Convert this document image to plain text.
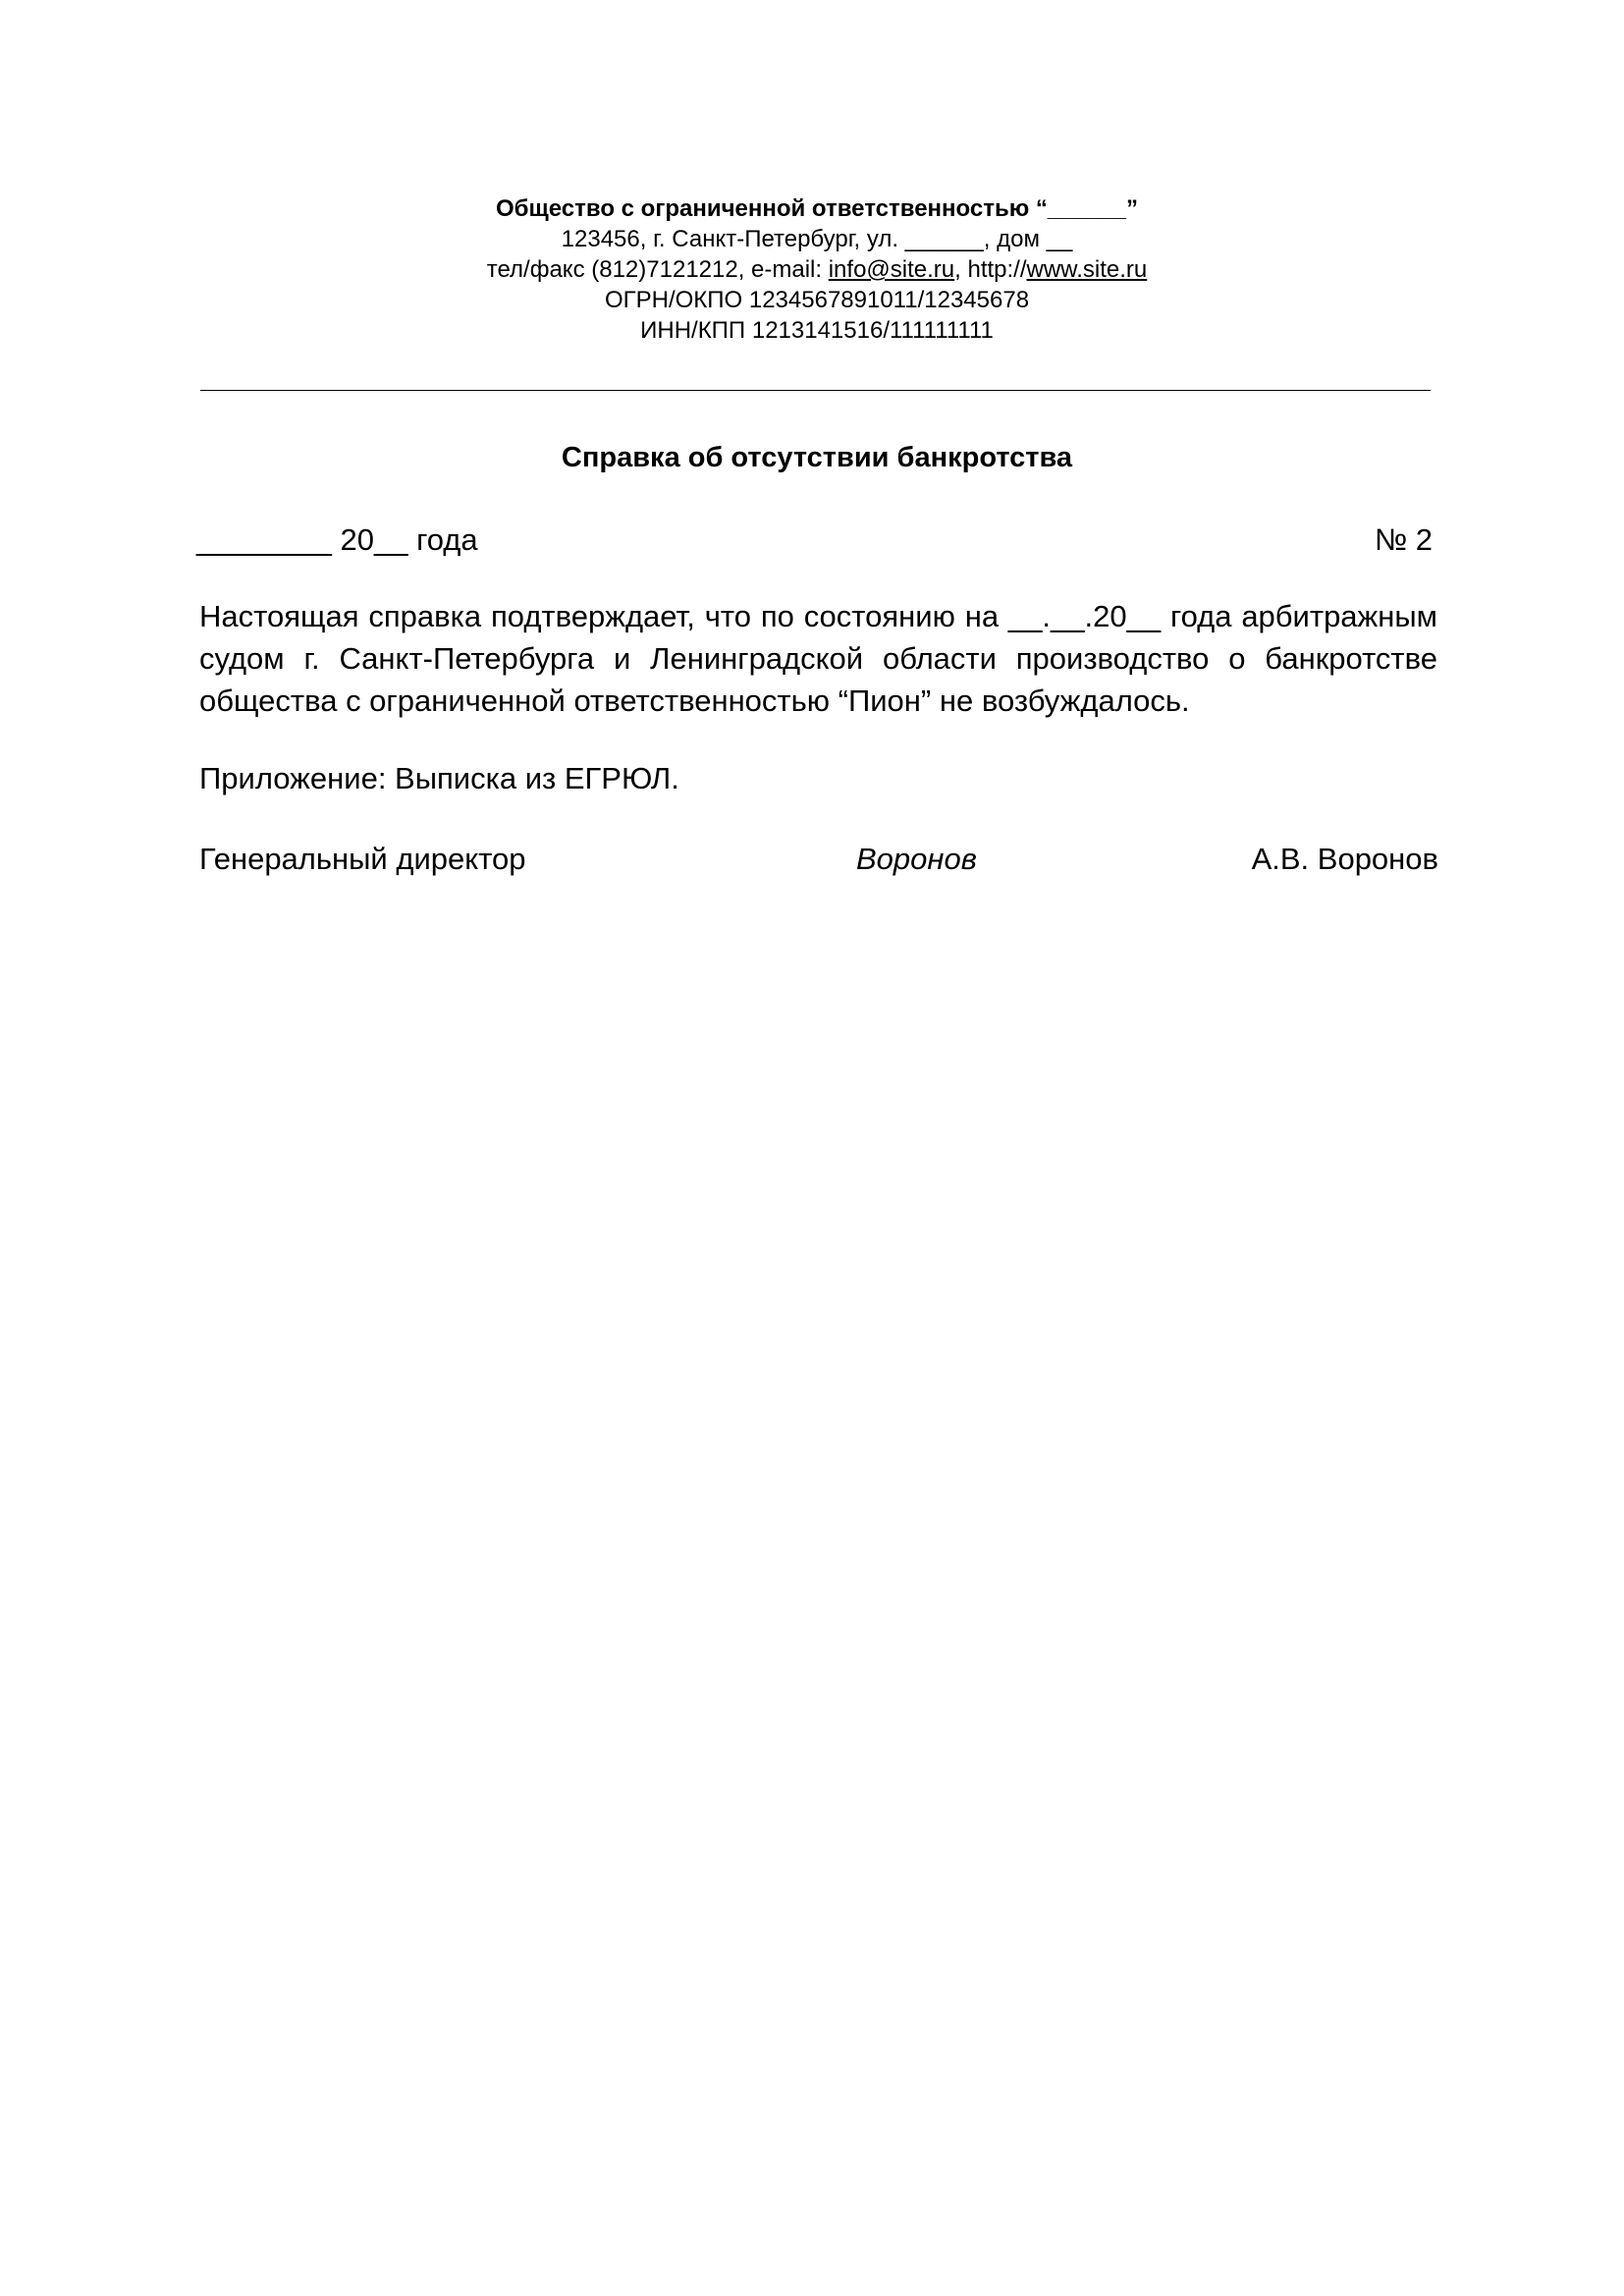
Общество с ограниченной ответственностью “______”
123456, г. Санкт-Петербург, ул. ______, дом __
тел/факс (812)7121212, e-mail: info@site.ru, http://www.site.ru
ОГРН/ОКПО 1234567891011/12345678
ИНН/КПП 1213141516/111111111
Справка об отсутствии банкротства
________ 20__ года	№ 2

Настоящая справка подтверждает, что по состоянию на __.__.20__ года арбитражным судом г. Санкт-Петербурга и Ленинградской области производство о банкротстве общества с ограниченной ответственностью “Пион” не возбуждалось.

Приложение: Выписка из ЕГРЮЛ.
Генеральный директор	Воронов	А.В. Воронов
